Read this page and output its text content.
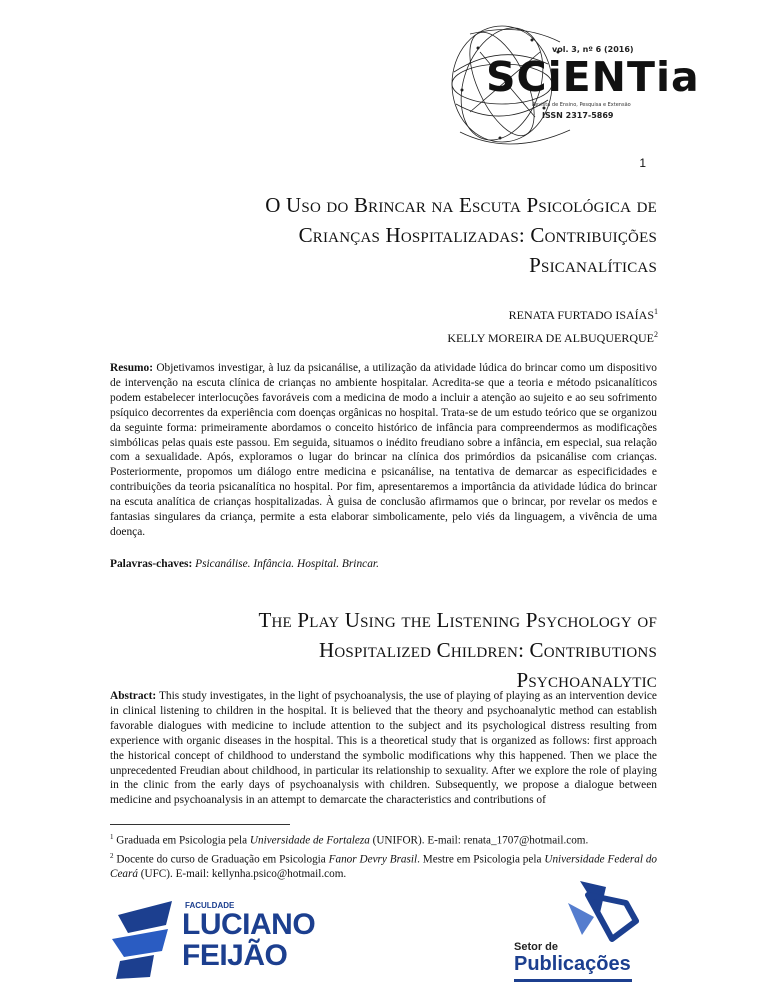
vol. 3, nº 6 (2016)
SCiENTia
Revista de Ensino, Pesquisa e Extensão
ISSN 2317-5869
1
O Uso do Brincar na Escuta Psicológica de
Crianças Hospitalizadas: Contribuições
Psicanalíticas
RENATA FURTADO ISAÍAS$^1$
KELLY MOREIRA DE ALBUQUERQUE$^2$
Resumo: Objetivamos investigar, à luz da psicanálise, a utilização da atividade lúdica do brincar como um dispositivo de intervenção na escuta clínica de crianças no ambiente hospitalar. Acredita-se que a teoria e método psicanalíticos podem estabelecer interlocuções favoráveis com a medicina de modo a incluir a atenção ao sujeito e ao seu sofrimento psíquico decorrentes da experiência com doenças orgânicas no hospital. Trata-se de um estudo teórico que se organizou da seguinte forma: primeiramente abordamos o conceito histórico de infância para compreendermos as modificações simbólicas pelas quais este passou. Em seguida, situamos o inédito freudiano sobre a infância, em especial, sua relação com a sexualidade. Após, exploramos o lugar do brincar na clínica dos primórdios da psicanálise com crianças. Posteriormente, propomos um diálogo entre medicina e psicanálise, na tentativa de demarcar as especificidades e contribuições da teoria psicanalítica no hospital. Por fim, apresentaremos a importância da atividade lúdica do brincar na escuta analítica de crianças hospitalizadas. À guisa de conclusão afirmamos que o brincar, por revelar os medos e fantasias singulares da criança, permite a esta elaborar simbolicamente, pelo viés da linguagem, a vivência de uma doença.
Palavras-chaves: Psicanálise. Infância. Hospital. Brincar.
The Play Using the Listening Psychology of
Hospitalized Children: Contributions
Psychoanalytic
Abstract: This study investigates, in the light of psychoanalysis, the use of playing of playing as an intervention device in clinical listening to children in the hospital. It is believed that the theory and psychoanalytic method can establish favorable dialogues with medicine to include attention to the subject and its psychological distress resulting from experience with organic diseases in the hospital. This is a theoretical study that is organized as follows: first approach the historical concept of childhood to understand the symbolic modifications why this happened. Then we place the unprecedented Freudian about childhood, in particular its relationship to sexuality. After we explore the role of playing in the clinic from the early days of psychoanalysis with children. Subsequently, we propose a dialogue between medicine and psychoanalysis in an attempt to demarcate the characteristics and contributions of
$^1$ Graduada em Psicologia pela Universidade de Fortaleza (UNIFOR). E-mail: renata_1707@hotmail.com.
$^2$ Docente do curso de Graduação em Psicologia Fanor Devry Brasil. Mestre em Psicologia pela Universidade Federal do Ceará (UFC). E-mail: kellynha.psico@hotmail.com.
FACULDADE
LUCIANO
FEIJÃO	Setor de
Publicações
